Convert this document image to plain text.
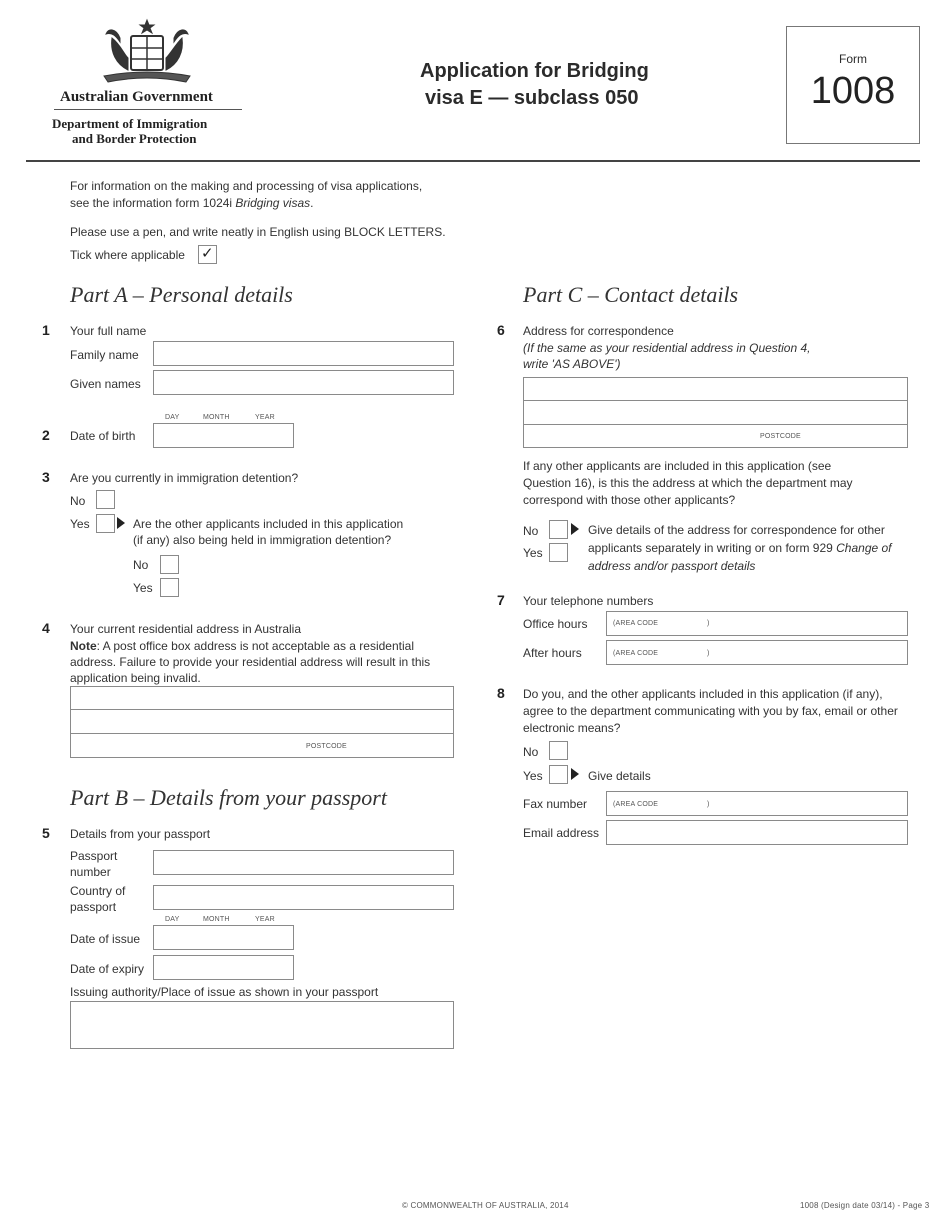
Australian Government
Department of Immigration
and Border Protection
Application for Bridging
visa E — subclass 050
Form
1008
For information on the making and processing of visa applications,
see the information form 1024i Bridging visas.
Please use a pen, and write neatly in English using BLOCK LETTERS.
Tick where applicable ✓
Part A – Personal details
1 Your full name
Family name
Given names
DAY	MONTH	YEAR
2 Date of birth
3 Are you currently in immigration detention?
No
Yes	Are the other applicants included in this application
(if any) also being held in immigration detention?
No
Yes
4 Your current residential address in Australia
Note: A post office box address is not acceptable as a residential
address. Failure to provide your residential address will result in this
application being invalid.
POSTCODE
Part B – Details from your passport
5 Details from your passport
Passport
number
Country of
passport
DAY	MONTH	YEAR
Date of issue
Date of expiry
Issuing authority/Place of issue as shown in your passport
Part C – Contact details
6 Address for correspondence
(If the same as your residential address in Question 4,
write 'AS ABOVE')
POSTCODE
If any other applicants are included in this application (see
Question 16), is this the address at which the department may
correspond with those other applicants?
No
Yes
Give details of the address for correspondence for other
applicants separately in writing or on form 929 Change of
address and/or passport details
7 Your telephone numbers
Office hours	(AREA CODE	)
After hours	(AREA CODE	)
8 Do you, and the other applicants included in this application (if any),
agree to the department communicating with you by fax, email or other
electronic means?
No
Yes	Give details
Fax number	(AREA CODE	)
Email address
© COMMONWEALTH OF AUSTRALIA, 2014	1008 (Design date 03/14) - Page 3
